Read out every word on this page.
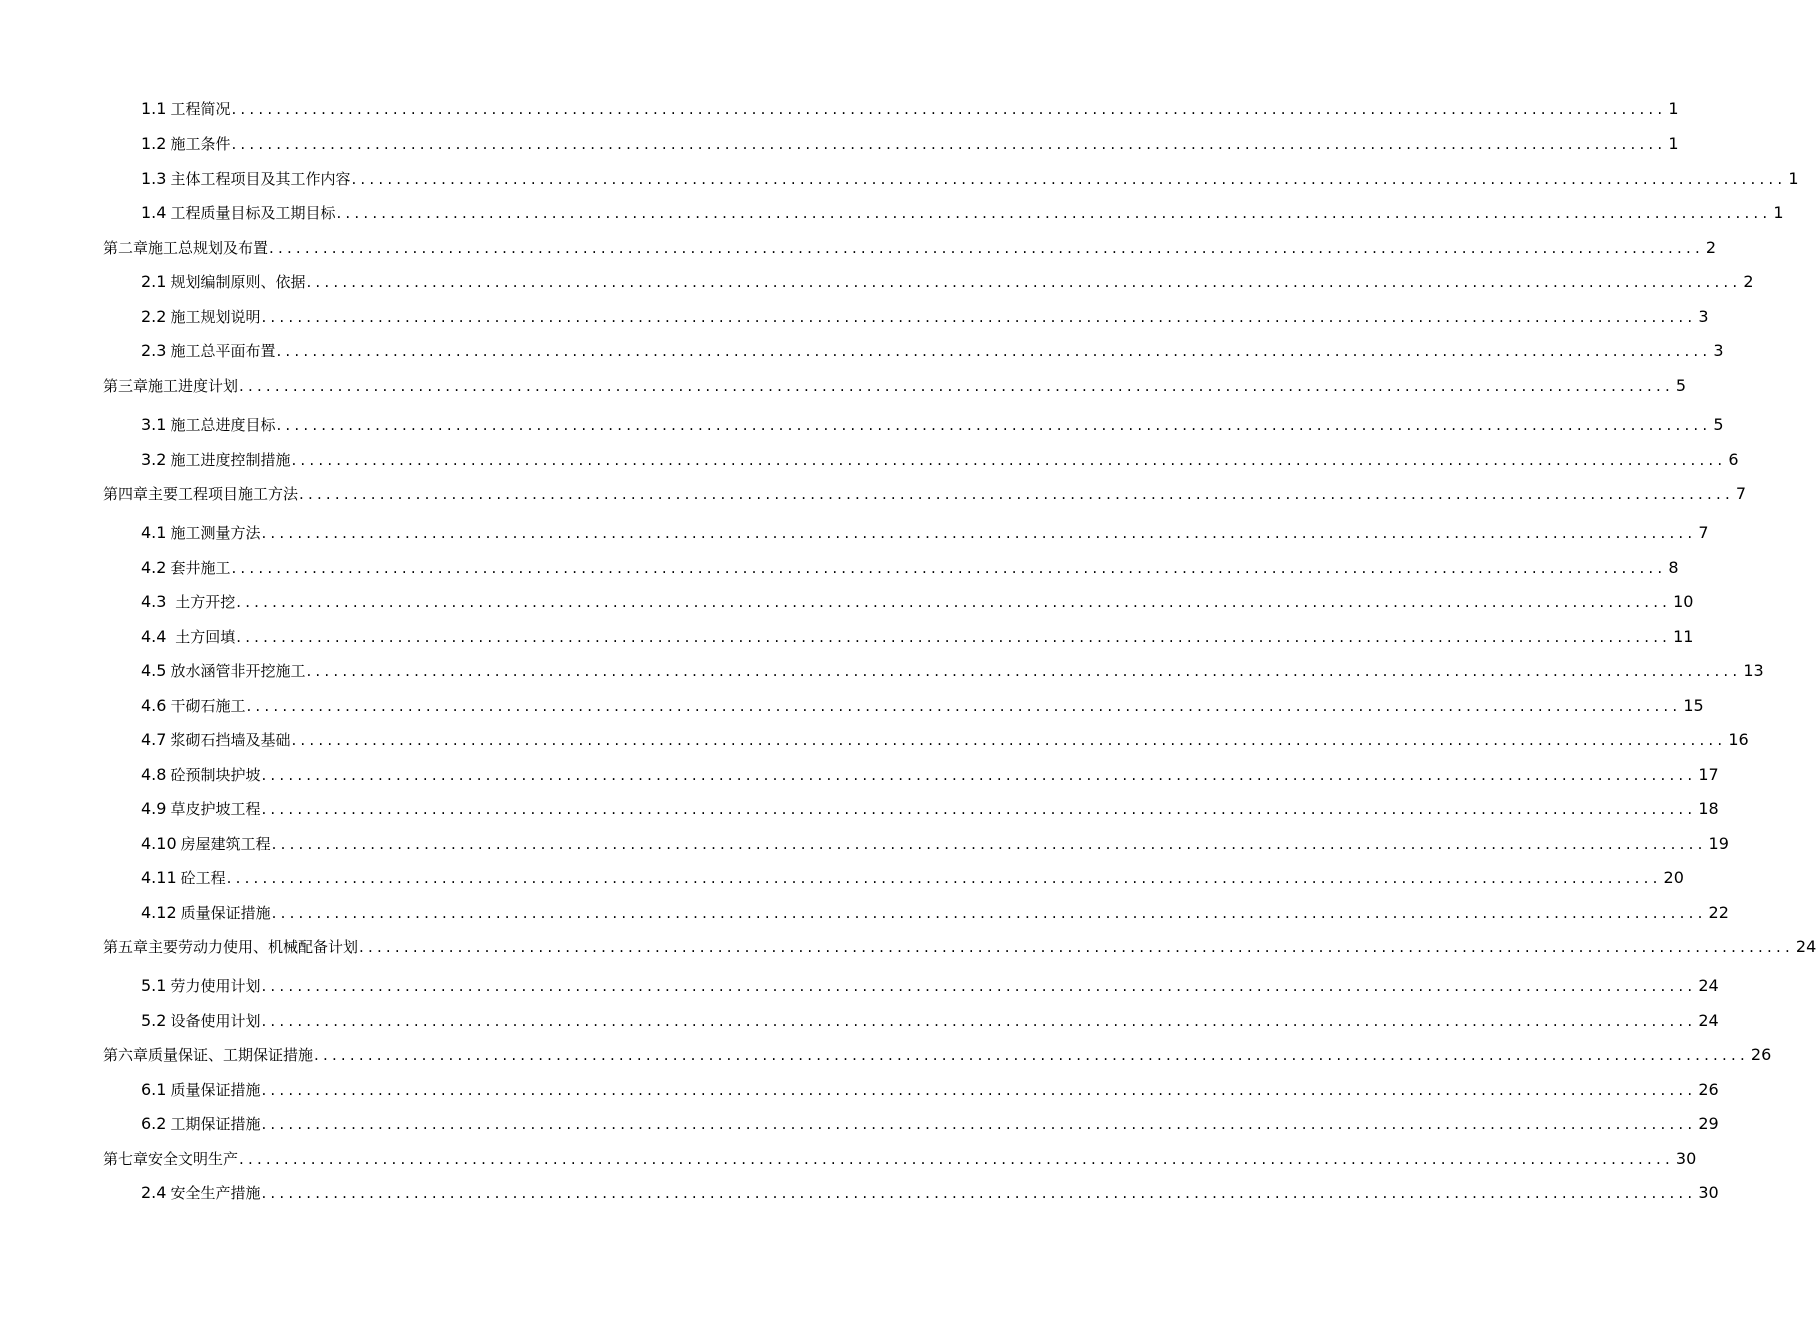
1.1 工程简况 ................................................................................................................................................................ 1
1.2 施工条件 ................................................................................................................................................................ 1
1.3 主体工程项目及其工作内容 ................................................................................................................................................................ 1
1.4 工程质量目标及工期目标 ................................................................................................................................................................ 1
第二章施工总规划及布置 ................................................................................................................................................................ 2
2.1 规划编制原则、依据 ................................................................................................................................................................ 2
2.2 施工规划说明 ................................................................................................................................................................ 3
2.3 施工总平面布置 ................................................................................................................................................................ 3
第三章施工进度计划 ................................................................................................................................................................ 5
3.1 施工总进度目标 ................................................................................................................................................................ 5
3.2 施工进度控制措施 ................................................................................................................................................................ 6
第四章主要工程项目施工方法 ................................................................................................................................................................ 7
4.1 施工测量方法 ................................................................................................................................................................ 7
4.2 套井施工 ................................................................................................................................................................ 8
4.3 土方开挖 ................................................................................................................................................................ 10
4.4 土方回填 ................................................................................................................................................................ 11
4.5 放水涵管非开挖施工 ................................................................................................................................................................ 13
4.6 干砌石施工 ................................................................................................................................................................ 15
4.7 浆砌石挡墙及基础 ................................................................................................................................................................ 16
4.8 砼预制块护坡 ................................................................................................................................................................ 17
4.9 草皮护坡工程 ................................................................................................................................................................ 18
4.10 房屋建筑工程 ................................................................................................................................................................ 19
4.11 砼工程 ................................................................................................................................................................ 20
4.12 质量保证措施 ................................................................................................................................................................ 22
第五章主要劳动力使用、机械配备计划 ................................................................................................................................................................ 24
5.1 劳力使用计划 ................................................................................................................................................................ 24
5.2 设备使用计划 ................................................................................................................................................................ 24
第六章质量保证、工期保证措施 ................................................................................................................................................................ 26
6.1 质量保证措施 ................................................................................................................................................................ 26
6.2 工期保证措施 ................................................................................................................................................................ 29
第七章安全文明生产 ................................................................................................................................................................ 30
2.4 安全生产措施 ................................................................................................................................................................ 30
